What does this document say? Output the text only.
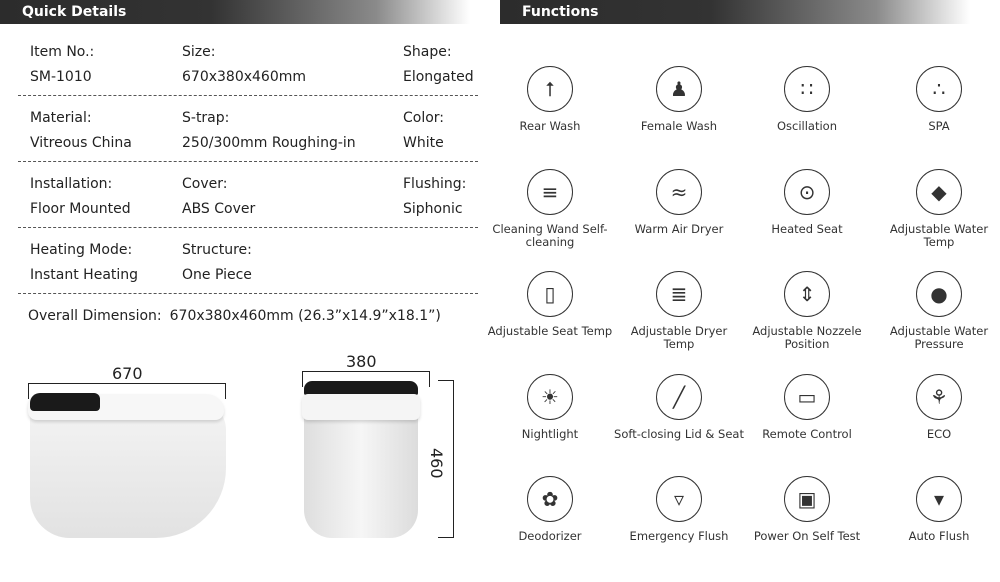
Quick Details	Functions
Item No.:
SM-1010
Size:
670x380x460mm
Shape:
Elongated
Material:
Vitreous China
S-trap:
250/300mm Roughing-in
Color:
White
Installation:
Floor Mounted
Cover:
ABS Cover
Flushing:
Siphonic
Heating Mode:
Instant Heating
Structure:
One Piece
Overall Dimension: 670x380x460mm (26.3”x14.9”x18.1”)
670
380
460
⭡
Rear Wash
♟
Female Wash
∷
Oscillation
∴
SPA
≡
Cleaning Wand Self-cleaning
≈
Warm Air Dryer
⊙
Heated Seat
◆
Adjustable Water Temp
▯
Adjustable Seat Temp
≣
Adjustable Dryer Temp
⇕
Adjustable Nozzele Position
●
Adjustable Water Pressure
☀
Nightlight
╱
Soft-closing Lid & Seat
▭
Remote Control
⚘
ECO
✿
Deodorizer
▿
Emergency Flush
▣
Power On Self Test
▾
Auto Flush
